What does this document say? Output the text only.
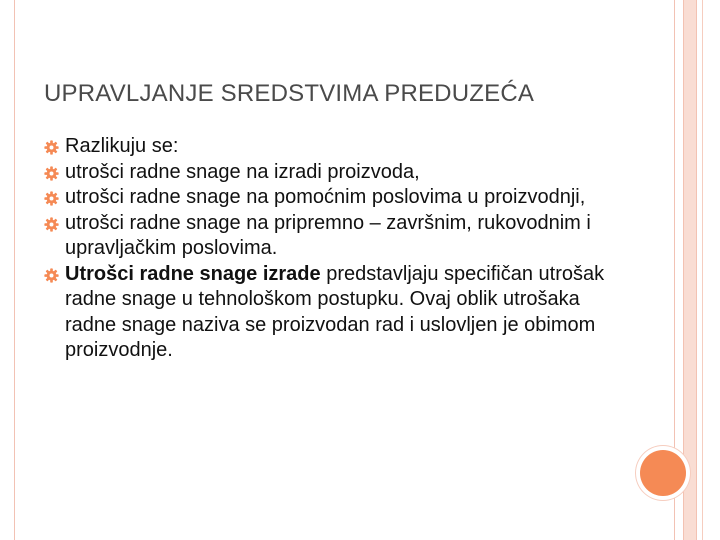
UPRAVLJANJE SREDSTVIMA PREDUZEĆA
Razlikuju se:
utrošci radne snage na izradi proizvoda,
utrošci radne snage na pomoćnim poslovima u proizvodnji,
utrošci radne snage na pripremno – završnim, rukovodnim i upravljačkim poslovima.
Utrošci radne snage izrade predstavljaju specifičan utrošak radne snage u tehnološkom postupku. Ovaj oblik utrošaka radne snage naziva se proizvodan rad i uslovljen je obimom proizvodnje.
